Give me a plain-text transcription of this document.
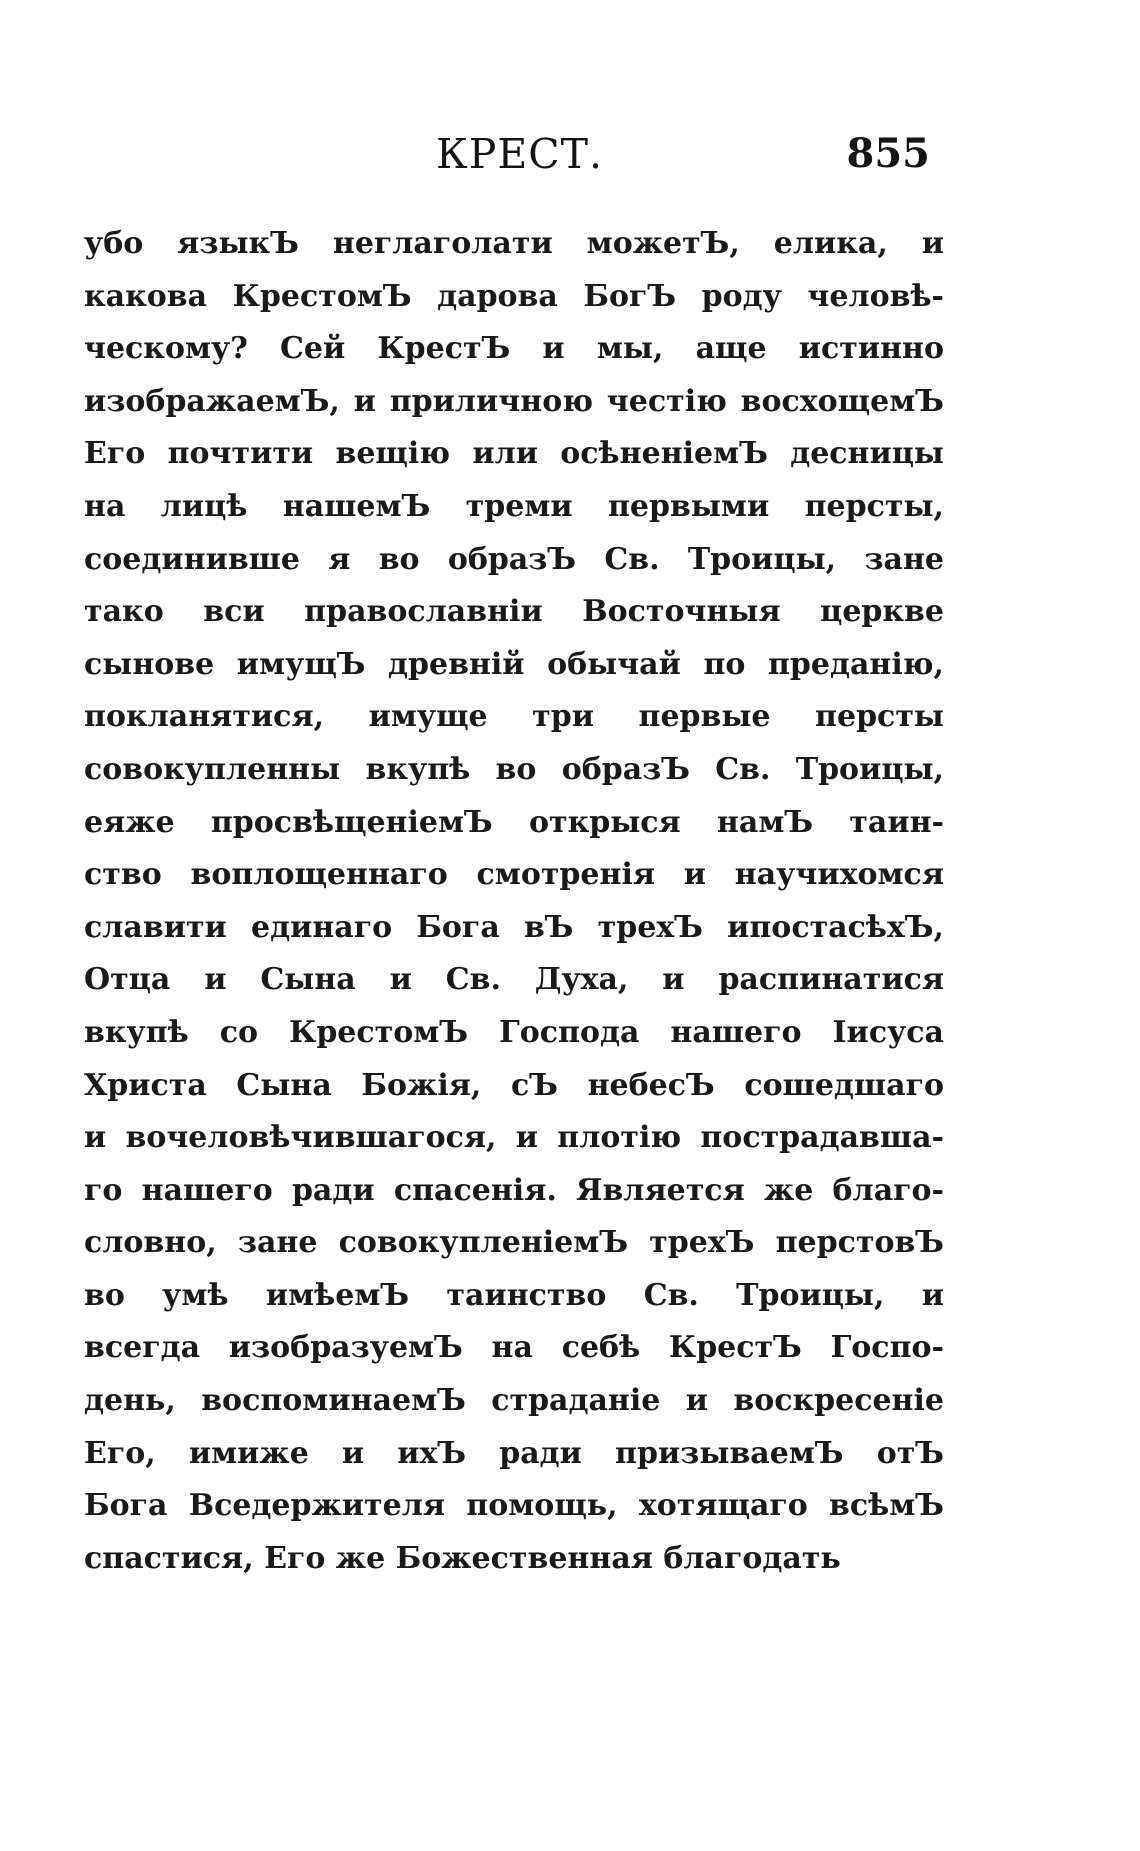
КРЕСТ.	855
убо языкЪ неглаголати можетЪ, елика, и
какова КрестомЪ дарова БогЪ роду человѣ-
ческому? Сей КрестЪ и мы, аще истинно
изображаемЪ, и приличною честію восхощемЪ
Его почтити вещію или осѣненіемЪ десницы
на лицѣ нашемЪ треми первыми персты,
соединивше я во образЪ Св. Троицы, зане
тако вси православніи Восточныя церкве
сынове имущЪ древній обычай по преданію,
покланятися, имуще три первые персты
совокупленны вкупѣ во образЪ Св. Троицы,
еяже просвѣщеніемЪ открыся намЪ таин-
ство воплощеннаго смотренія и научихомся
славити единаго Бога вЪ трехЪ ипостасѣхЪ,
Отца и Сына и Св. Духа, и распинатися
вкупѣ со КрестомЪ Господа нашего Іисуса
Христа Сына Божія, сЪ небесЪ сошедшаго
и вочеловѣчившагося, и плотію пострадавша-
го нашего ради спасенія. Является же благо-
словно, зане совокупленіемЪ трехЪ перстовЪ
во умѣ имѣемЪ таинство Св. Троицы, и
всегда изобразуемЪ на себѣ КрестЪ Госпо-
день, воспоминаемЪ страданіе и воскресеніе
Его, имиже и ихЪ ради призываемЪ отЪ
Бога Вседержителя помощь, хотящаго всѣмЪ
спастися, Его же Божественная благодать
